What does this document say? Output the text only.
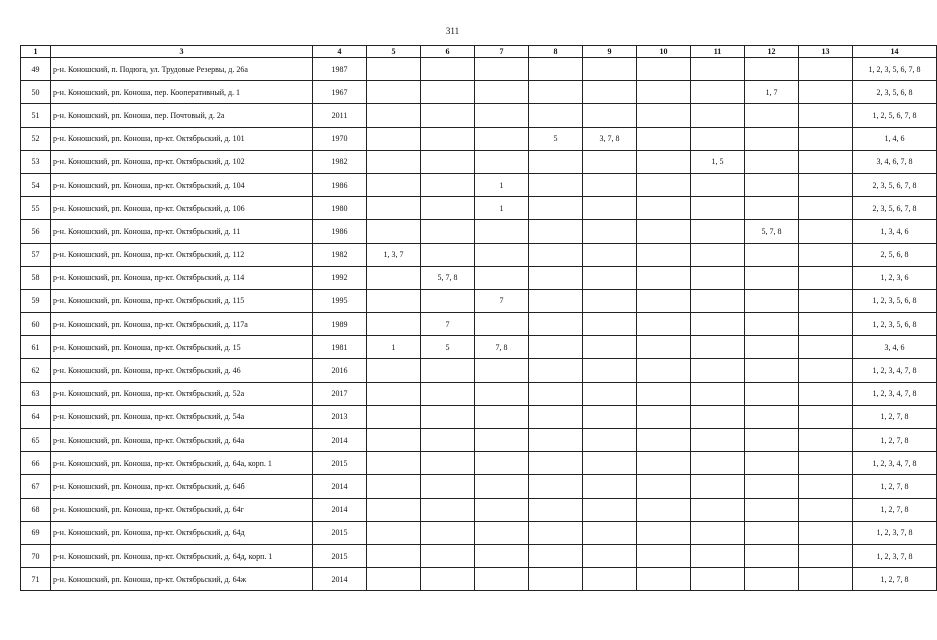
311
1	3	4	5	6	7	8	9	10	11	12	13	14
49	р-н. Коношский, п. Подюга, ул. Трудовые Резервы, д. 26а	1987										1, 2, 3, 5, 6, 7, 8
50	р-н. Коношский, рп. Коноша, пер. Кооперативный, д. 1	1967								1, 7		2, 3, 5, 6, 8
51	р-н. Коношский, рп. Коноша, пер. Почтовый, д. 2а	2011										1, 2, 5, 6, 7, 8
52	р-н. Коношский, рп. Коноша, пр-кт. Октябрьский, д. 101	1970				5	3, 7, 8					1, 4, 6
53	р-н. Коношский, рп. Коноша, пр-кт. Октябрьский, д. 102	1982							1, 5			3, 4, 6, 7, 8
54	р-н. Коношский, рп. Коноша, пр-кт. Октябрьский, д. 104	1986			1							2, 3, 5, 6, 7, 8
55	р-н. Коношский, рп. Коноша, пр-кт. Октябрьский, д. 106	1980			1							2, 3, 5, 6, 7, 8
56	р-н. Коношский, рп. Коноша, пр-кт. Октябрьский, д. 11	1986								5, 7, 8		1, 3, 4, 6
57	р-н. Коношский, рп. Коноша, пр-кт. Октябрьский, д. 112	1982	1, 3, 7									2, 5, 6, 8
58	р-н. Коношский, рп. Коноша, пр-кт. Октябрьский, д. 114	1992		5, 7, 8								1, 2, 3, 6
59	р-н. Коношский, рп. Коноша, пр-кт. Октябрьский, д. 115	1995			7							1, 2, 3, 5, 6, 8
60	р-н. Коношский, рп. Коноша, пр-кт. Октябрьский, д. 117а	1989		7								1, 2, 3, 5, 6, 8
61	р-н. Коношский, рп. Коноша, пр-кт. Октябрьский, д. 15	1981	1	5	7, 8							3, 4, 6
62	р-н. Коношский, рп. Коноша, пр-кт. Октябрьский, д. 46	2016										1, 2, 3, 4, 7, 8
63	р-н. Коношский, рп. Коноша, пр-кт. Октябрьский, д. 52а	2017										1, 2, 3, 4, 7, 8
64	р-н. Коношский, рп. Коноша, пр-кт. Октябрьский, д. 54а	2013										1, 2, 7, 8
65	р-н. Коношский, рп. Коноша, пр-кт. Октябрьский, д. 64а	2014										1, 2, 7, 8
66	р-н. Коношский, рп. Коноша, пр-кт. Октябрьский, д. 64а, корп. 1	2015										1, 2, 3, 4, 7, 8
67	р-н. Коношский, рп. Коноша, пр-кт. Октябрьский, д. 64б	2014										1, 2, 7, 8
68	р-н. Коношский, рп. Коноша, пр-кт. Октябрьский, д. 64г	2014										1, 2, 7, 8
69	р-н. Коношский, рп. Коноша, пр-кт. Октябрьский, д. 64д	2015										1, 2, 3, 7, 8
70	р-н. Коношский, рп. Коноша, пр-кт. Октябрьский, д. 64д, корп. 1	2015										1, 2, 3, 7, 8
71	р-н. Коношский, рп. Коноша, пр-кт. Октябрьский, д. 64ж	2014										1, 2, 7, 8
